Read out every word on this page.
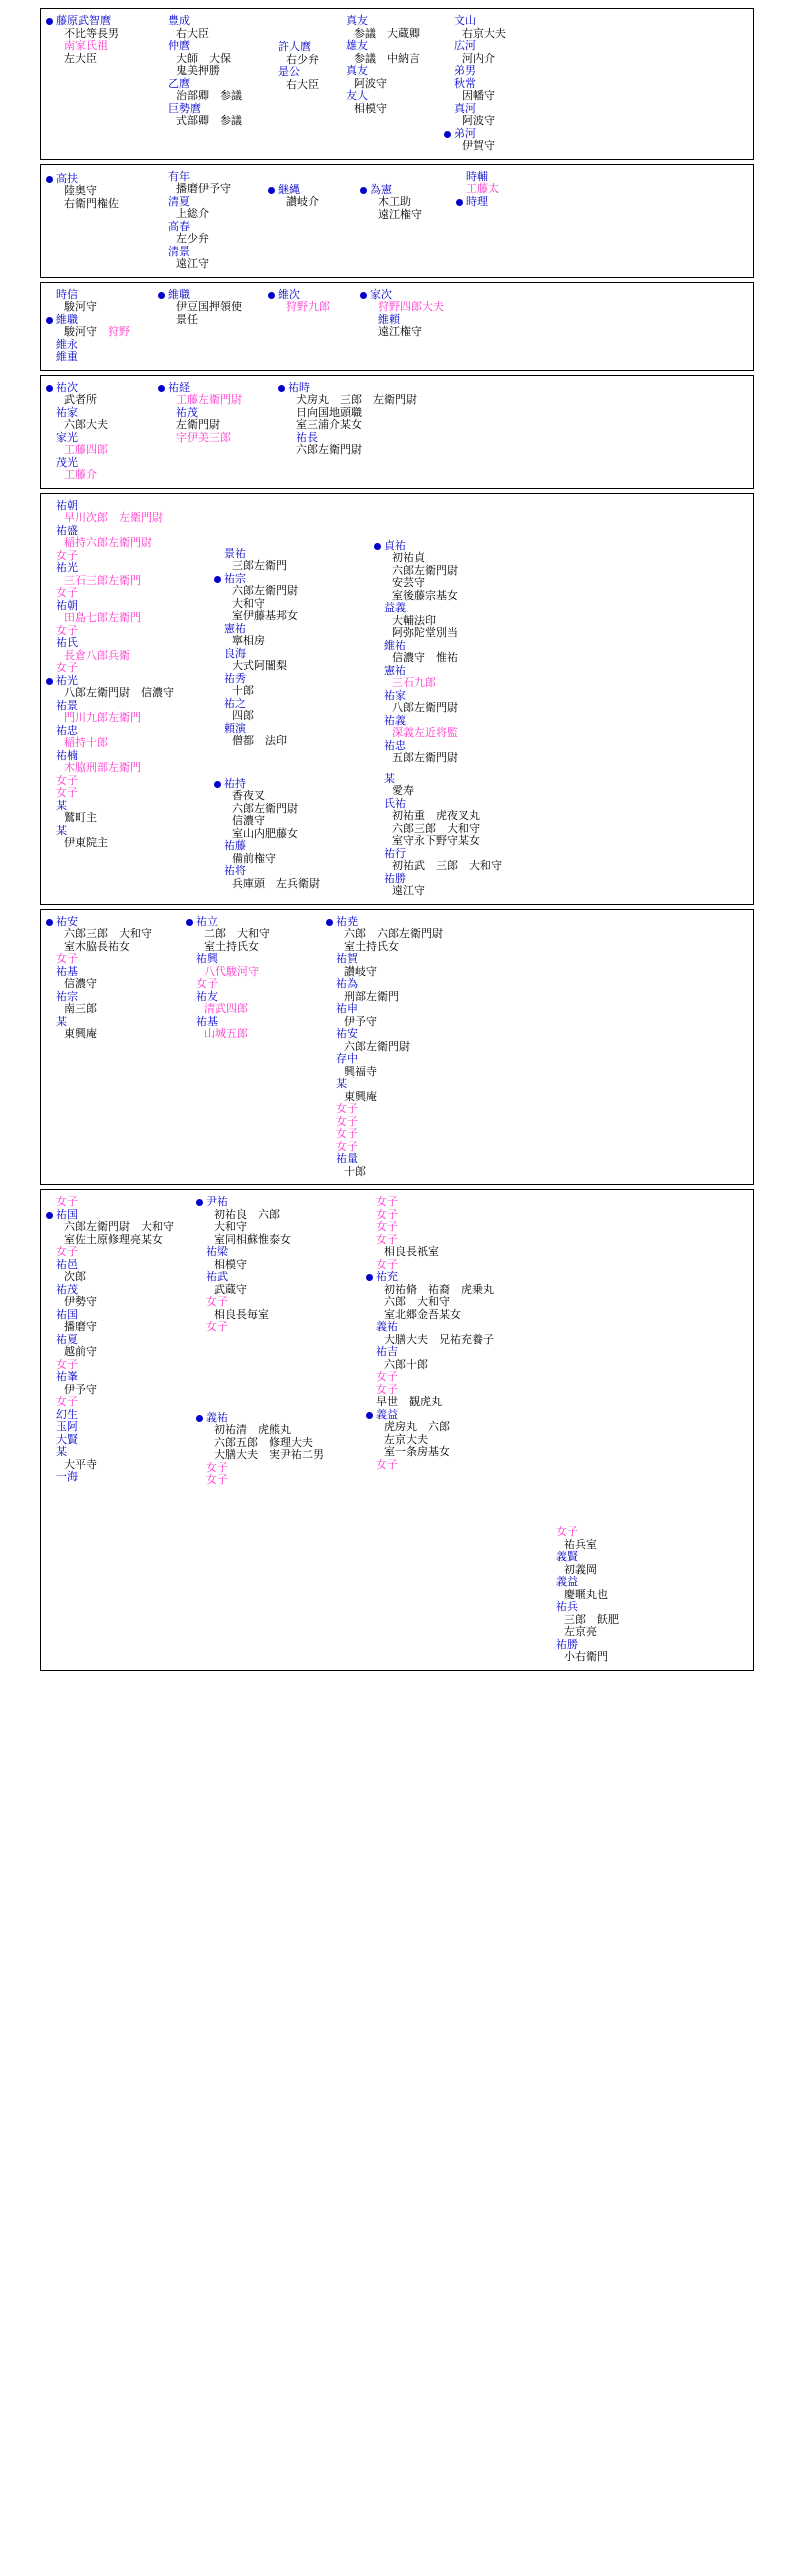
藤原武智麿
不比等長男
南家氏祖
左大臣
豊成
右大臣
仲麿
大師　大保
鬼美押勝
乙麿
治部卿　参議
巨勢麿
式部卿　参議
許人麿
右少弁
是公
右大臣
真友
参議　大蔵卿
雄友
参議　中納言
真友
阿波守
友人
相模守
文山
右京大夫
広河
河内介
弟男
秋常
因幡守
真河
阿波守
弟河
伊賀守
高扶
陸奥守
右衛門権佐
有年
播磨伊予守
清夏
上総介
高春
左少弁
清景
遠江守
継縄
讃岐介
為憲
木工助
遠江権守
時輔
工藤太
時理
時信
駿河守
維職
駿河守　 狩野
維永
維重
維職
伊豆国押領使
景任
維次
狩野九郎
家次
狩野四郎大夫
維頼
遠江権守
祐次
武者所
祐家
六郎大夫
家光
工藤四郎
茂光
工藤介
祐経
工藤左衛門尉
祐茂
左衛門尉
字伊美三郎
祐時
犬房丸　三郎　左衛門尉
日向国地頭職
室三浦介某女
祐長
六郎左衛門尉
祐朝
早川次郎　左衛門尉
祐盛
稲持六郎左衛門尉
女子
祐光
三石三郎左衛門
女子
祐朝
田島七郎左衛門
女子
祐氏
長倉八郎兵衛
女子
祐光
八郎左衛門尉　信濃守
祐景
門川九郎左衛門
祐忠
稲持十郎
祐楠
木脇刑部左衛門
女子
女子
某
鷲町主
某
伊東院主
景祐
三郎左衛門
祐宗
六郎左衛門尉
大和守
室伊藤基邦女
憲祐
寧相房
良海
大式阿闍梨
祐秀
十郎
祐之
四郎
頼演
僧都　法印
祐持
香夜叉
六郎左衛門尉
信濃守
室山内肥藤女
祐藤
備前権守
祐将
兵庫頭　左兵衛尉
貞祐
初祐貞
六郎左衛門尉
安芸守
室後藤宗基女
益義
大輔法印
阿弥陀堂別当
維祐
信濃守　惟祐
憲祐
三石九郎
祐家
八郎左衛門尉
祐義
深義左近将監
祐忠
五郎左衛門尉
某
愛寿
氏祐
初祐重　虎夜叉丸
六郎三郎　大和守
室守永下野守某女
祐行
初祐武　三郎　大和守
祐勝
遠江守
祐安
六郎三郎　大和守
室木脇長祐女
女子
祐基
信濃守
祐宗
南三郎
某
東興庵
祐立
二郎　大和守
室土持氏女
祐興
八代駿河守
女子
祐友
清武四郎
祐基
山城五郎
祐尭
六郎　六郎左衛門尉
室土持氏女
祐賀
讃岐守
祐為
刑部左衛門
祐申
伊予守
祐安
六郎左衛門尉
存中
興福寺
某
東興庵
女子
女子
女子
女子
祐量
十郎
女子
祐国
六郎左衛門尉　大和守
室佐土原修理亮某女
女子
祐邑
次郎
祐茂
伊勢守
祐国
播磨守
祐夏
越前守
女子
祐峯
伊予守
女子
幻生
玉阿
大賢
某
大平寺
一海
尹祐
初祐良　六郎
大和守
室同相蘇惟泰女
祐梁
相模守
祐武
武蔵守
女子
相良長毎室
女子
義祐
初祐清　虎熊丸
六郎五郎　修理大夫
大膳大夫　実尹祐二男
女子
女子
女子
女子
女子
女子
相良長祇室
女子
祐充
初祐脩　祐裔　虎乗丸
六郎　大和守
室北郷金吾某女
義祐
大膳大夫　兄祐充養子
祐吉
六郎十郎
女子
女子
早世　観虎丸
義益
虎房丸　六郎
左京大夫
室一条房基女
女子
女子
祐兵室
義賢
初義岡
義益
慶暱丸也
祐兵
三郎　飫肥
左京亮
祐勝
小右衛門
